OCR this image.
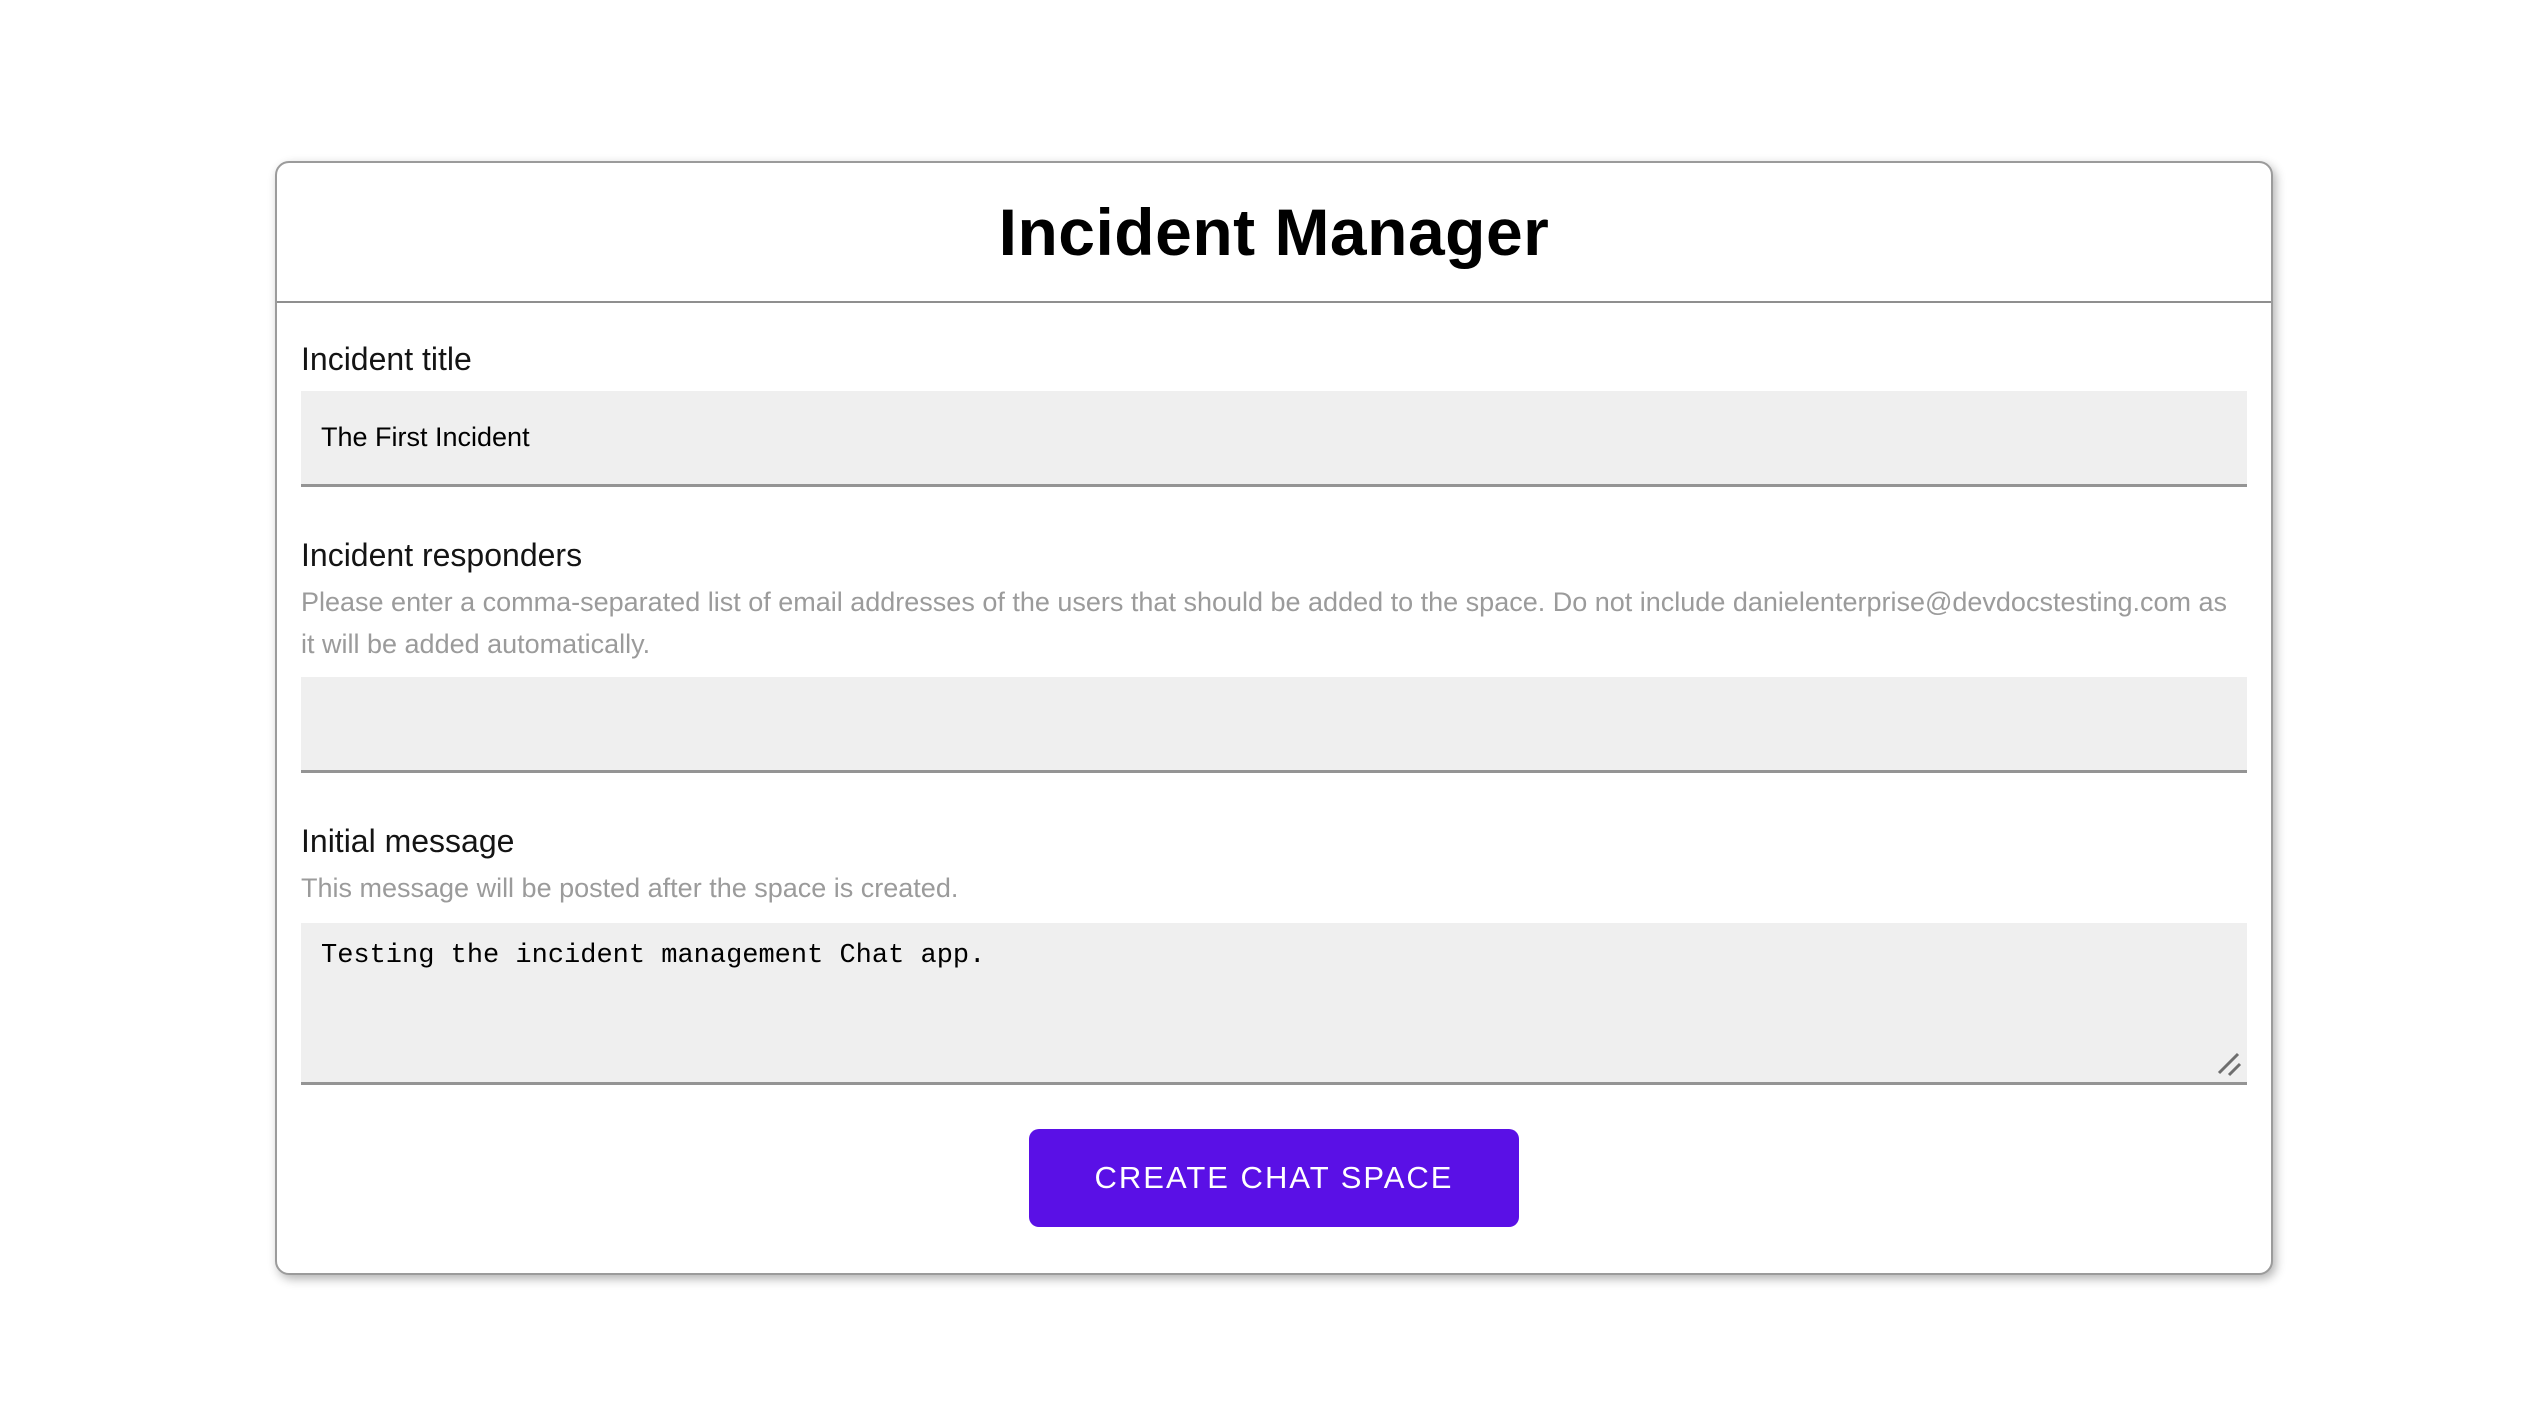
Incident Manager
Incident title
The First Incident
Incident responders
Please enter a comma-separated list of email addresses of the users that should be added to the space. Do not include danielenterprise@devdocstesting.com as it will be added automatically.
Initial message
This message will be posted after the space is created.
Testing the incident management Chat app.
CREATE CHAT SPACE
